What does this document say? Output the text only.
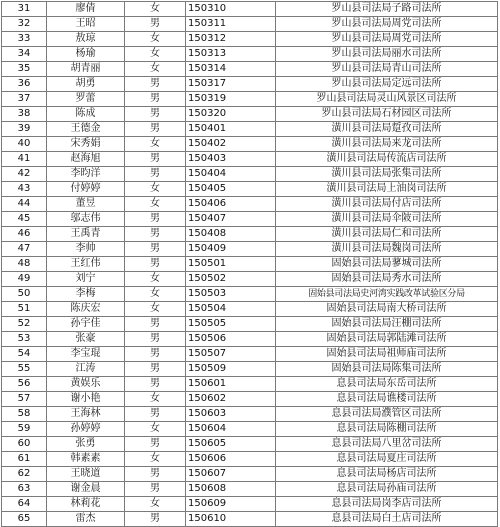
31	廖倩	女	150310	罗山县司法局子路司法所
32	王昭	男	150311	罗山县司法局周党司法所
33	敖琼	女	150312	罗山县司法局周党司法所
34	杨瑜	女	150313	罗山县司法局丽水司法所
35	胡青丽	女	150314	罗山县司法局青山司法所
36	胡勇	男	150317	罗山县司法局定远司法所
37	罗蕾	男	150319	罗山县司法局灵山风景区司法所
38	陈成	男	150320	罗山县司法局石材园区司法所
39	王德金	男	150401	潢川县司法局踅孜司法所
40	宋秀娟	女	150402	潢川县司法局来龙司法所
41	赵海旭	男	150403	潢川县司法局传流店司法所
42	李昀洋	男	150404	潢川县司法局张集司法所
43	付婷婷	女	150405	潢川县司法局上油岗司法所
44	董昱	女	150406	潢川县司法局付店司法所
45	邬志伟	男	150407	潢川县司法局伞陂司法所
46	王禹青	男	150408	潢川县司法局仁和司法所
47	李帅	男	150409	潢川县司法局魏岗司法所
48	王红伟	男	150501	固始县司法局蓼城司法所
49	刘宁	女	150502	固始县司法局秀水司法所
50	李梅	女	150503	固始县司法局史河湾实践改革试验区分局
51	陈庆宏	女	150504	固始县司法局南大桥司法所
52	孙宇佳	男	150505	固始县司法局汪棚司法所
53	张豪	男	150506	固始县司法局郭陆滩司法所
54	李宝琨	男	150507	固始县司法局祖师庙司法所
55	江涛	男	150509	固始县司法局陈集司法所
56	黄娱乐	男	150601	息县司法局东岳司法所
57	谢小艳	女	150602	息县司法局谯楼司法所
58	王海林	男	150603	息县司法局濮管区司法所
59	孙婷婷	女	150604	息县司法局陈棚司法所
60	张勇	男	150605	息县司法局八里岔司法所
61	韩素素	女	150606	息县司法局夏庄司法所
62	王晓道	男	150607	息县司法局杨店司法所
63	谢金晨	男	150608	息县司法局孙庙司法所
64	林莉花	女	150609	息县司法局岗李店司法所
65	雷杰	男	150610	息县司法局白土店司法所
